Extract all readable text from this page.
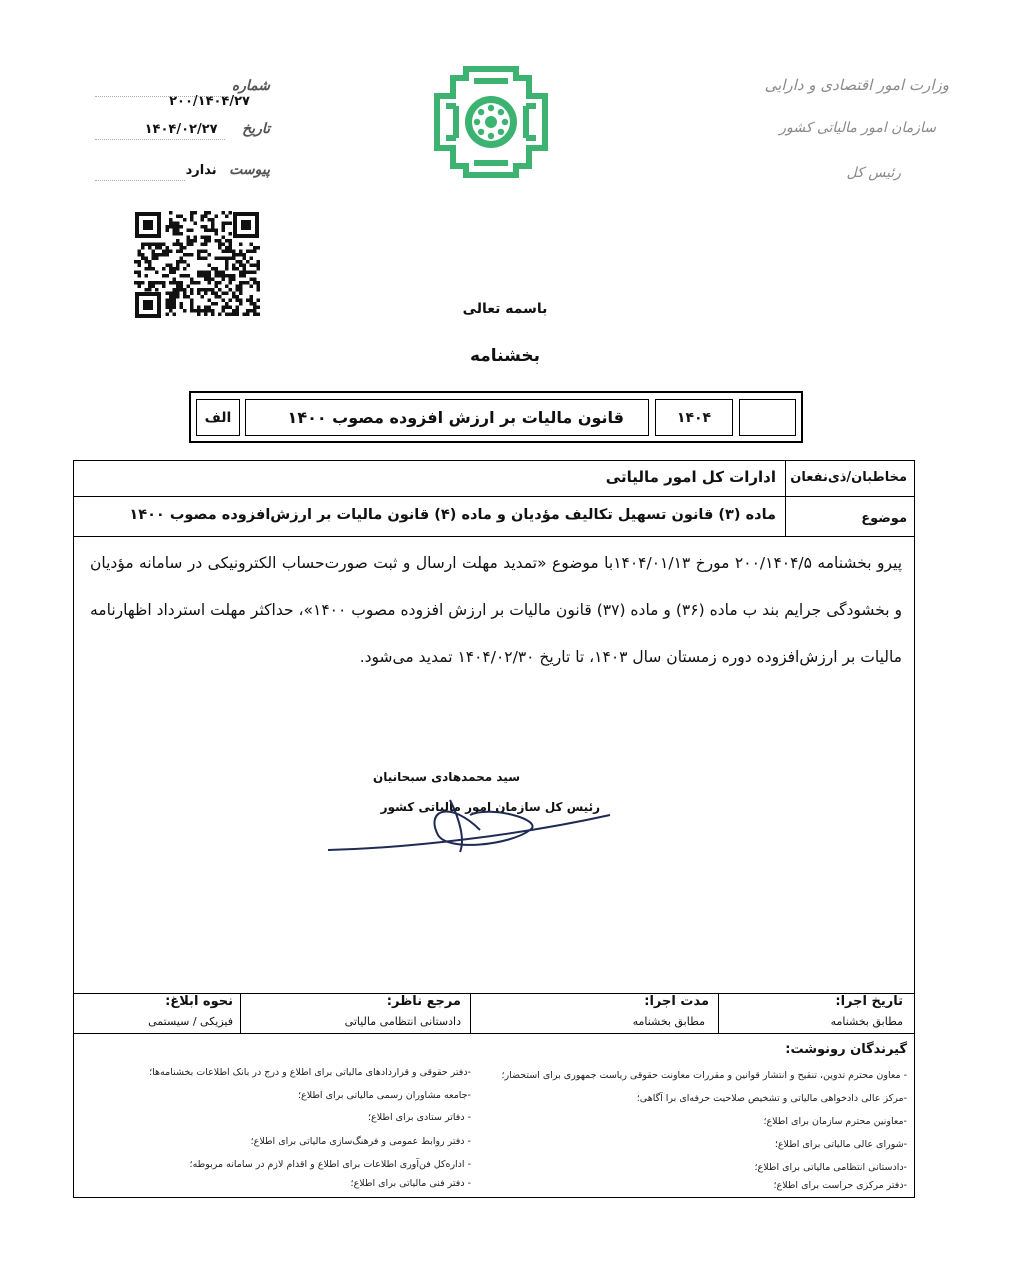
شماره ۲۰۰/۱۴۰۴/۲۷
تاریخ ۱۴۰۴/۰۲/۲۷
پیوست ندارد
وزارت امور اقتصادی و دارایی
سازمان امور مالیاتی کشور
رئیس کل
باسمه تعالی
بخشنامه
الف	قانون مالیات بر ارزش افزوده مصوب ۱۴۰۰	۱۴۰۴
مخاطبان/ذی‌نفعان
ادارات کل امور مالیاتی
موضوع
ماده (۳) قانون تسهیل تکالیف مؤدیان و ماده (۴) قانون مالیات بر ارزش‌افزوده مصوب ۱۴۰۰
پیرو بخشنامه ۲۰۰/۱۴۰۴/۵ مورخ ۱۴۰۴/۰۱/۱۳با موضوع «تمدید مهلت ارسال و ثبت صورت‌حساب الکترونیکی در سامانه مؤدیان و بخشودگی جرایم بند ب ماده (۳۶) و ماده (۳۷) قانون مالیات بر ارزش افزوده مصوب ۱۴۰۰»، حداکثر مهلت استرداد اظهارنامه مالیات بر ارزش‌افزوده دوره زمستان سال ۱۴۰۳، تا تاریخ ۱۴۰۴/۰۲/۳۰ تمدید می‌شود.
سید محمدهادی سبحانیان
رئیس کل سازمان امور مالیاتی کشور
تاریخ اجرا:
مطابق بخشنامه
مدت اجرا:
مطابق بخشنامه
مرجع ناظر:
دادستانی انتظامی مالیاتی
نحوه ابلاغ:
فیزیکی / سیستمی
گیرندگان رونوشت:
- معاون محترم تدوین، تنقیح و انتشار قوانین و مقررات معاونت حقوقی ریاست جمهوری برای استحضار؛
-مرکز عالی دادخواهی مالیاتی و تشخیص صلاحیت حرفه‌ای برا آگاهی؛
-معاونین محترم سازمان برای اطلاع؛
-شورای عالی مالیاتی برای اطلاع؛
-دادستانی انتظامی مالیاتی برای اطلاع؛
-دفتر مرکزی حراست برای اطلاع؛
-دفتر حقوقی و قراردادهای مالیاتی برای اطلاع و درج در بانک اطلاعات بخشنامه‌ها؛
-جامعه مشاوران رسمی مالیاتی برای اطلاع؛
- دفاتر ستادی برای اطلاع؛
- دفتر روابط عمومی و فرهنگ‌سازی مالیاتی برای اطلاع؛
- اداره‌کل فن‌آوری اطلاعات برای اطلاع و اقدام لازم در سامانه مربوطه؛
- دفتر فنی مالیاتی برای اطلاع؛
